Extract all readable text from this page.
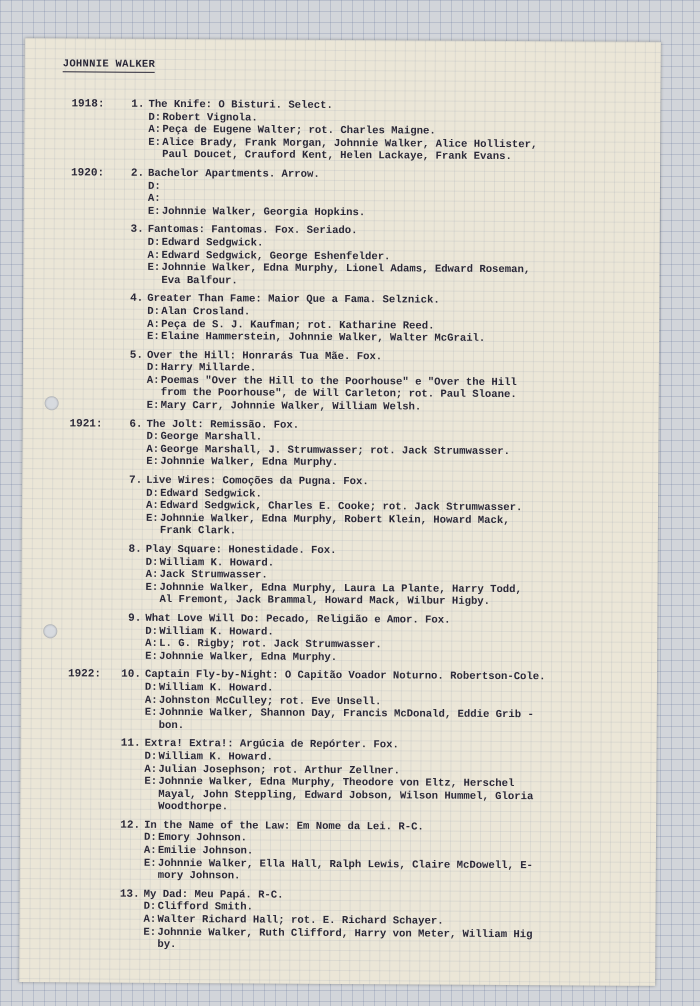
JOHNNIE WALKER
1918:	1. The Knife: O Bisturi. Select.
D: Robert Vignola.
A: Peça de Eugene Walter; rot. Charles Maigne.
E: Alice Brady, Frank Morgan, Johnnie Walker, Alice Hollister,
Paul Doucet, Crauford Kent, Helen Lackaye, Frank Evans.
1920:	2. Bachelor Apartments. Arrow.
D:

A:

E: Johnnie Walker, Georgia Hopkins.
3. Fantomas: Fantomas. Fox. Seriado.
D: Edward Sedgwick.
A: Edward Sedgwick, George Eshenfelder.
E: Johnnie Walker, Edna Murphy, Lionel Adams, Edward Roseman,
Eva Balfour.
4. Greater Than Fame: Maior Que a Fama. Selznick.
D: Alan Crosland.
A: Peça de S. J. Kaufman; rot. Katharine Reed.
E: Elaine Hammerstein, Johnnie Walker, Walter McGrail.
5. Over the Hill: Honrarás Tua Mãe. Fox.
D: Harry Millarde.
A: Poemas "Over the Hill to the Poorhouse" e "Over the Hill
from the Poorhouse", de Will Carleton; rot. Paul Sloane.
E: Mary Carr, Johnnie Walker, William Welsh.
1921:	6. The Jolt: Remissão. Fox.
D: George Marshall.
A: George Marshall, J. Strumwasser; rot. Jack Strumwasser.
E: Johnnie Walker, Edna Murphy.
7. Live Wires: Comoções da Pugna. Fox.
D: Edward Sedgwick.
A: Edward Sedgwick, Charles E. Cooke; rot. Jack Strumwasser.
E: Johnnie Walker, Edna Murphy, Robert Klein, Howard Mack,
Frank Clark.
8. Play Square: Honestidade. Fox.
D: William K. Howard.
A: Jack Strumwasser.
E: Johnnie Walker, Edna Murphy, Laura La Plante, Harry Todd,
Al Fremont, Jack Brammal, Howard Mack, Wilbur Higby.
9. What Love Will Do: Pecado, Religião e Amor. Fox.
D: William K. Howard.
A: L. G. Rigby; rot. Jack Strumwasser.
E: Johnnie Walker, Edna Murphy.
1922:	10. Captain Fly-by-Night: O Capitão Voador Noturno. Robertson-Cole.
D: William K. Howard.
A: Johnston McCulley; rot. Eve Unsell.
E: Johnnie Walker, Shannon Day, Francis McDonald, Eddie Grib -
bon.
11. Extra! Extra!: Argúcia de Repórter. Fox.
D: William K. Howard.
A: Julian Josephson; rot. Arthur Zellner.
E: Johnnie Walker, Edna Murphy, Theodore von Eltz, Herschel
Mayal, John Steppling, Edward Jobson, Wilson Hummel, Gloria
Woodthorpe.
12. In the Name of the Law: Em Nome da Lei. R-C.
D: Emory Johnson.
A: Emilie Johnson.
E: Johnnie Walker, Ella Hall, Ralph Lewis, Claire McDowell, E-
mory Johnson.
13. My Dad: Meu Papá. R-C.
D: Clifford Smith.
A: Walter Richard Hall; rot. E. Richard Schayer.
E: Johnnie Walker, Ruth Clifford, Harry von Meter, William Hig
by.
